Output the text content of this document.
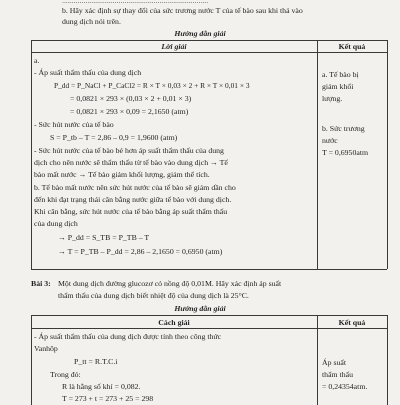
...........................................................................
b. Hãy xác định sự thay đổi của sức trương nước T của tế bào sau khi thả vào
dung dịch nói trên.
Hướng dẫn giải
Lời giải	Kết quả
a.
- Áp suất thẩm thấu của dung dịch
P_dd = P_NaCl + P_CaCl2 = R × T × 0,03 × 2 + R × T × 0,01 × 3
= 0,0821 × 293 × (0,03 × 2 + 0,01 × 3)
= 0,0821 × 293 × 0,09 = 2,1650 (atm)
- Sức hút nước của tế bào
S = P_tb – T = 2,86 – 0,9 = 1,9600 (atm)
- Sức hút nước của tế bào bé hơn áp suất thẩm thấu của dung
dịch cho nên nước sẽ thẩm thấu từ tế bào vào dung dịch → Tế
bào mất nước → Tế bào giảm khối lượng, giảm thể tích.
b. Tế bào mất nước nên sức hút nước của tế bào sẽ giảm dần cho
đến khi đạt trạng thái cân bằng nước giữa tế bào với dung dịch.
Khi cân bằng, sức hút nước của tế bào bằng áp suất thẩm thấu
của dung dịch
→ P_dd = S_TB = P_TB – T
→ T = P_TB – P_dd = 2,86 – 2,1650 = 0,6950 (atm)
a. Tế bào bị
giảm khối
lượng.
b. Sức trương
nước
T = 0,6950atm
Bài 3: Một dung dịch đường glucozơ có nồng độ 0,01M. Hãy xác định áp suất
thẩm thấu của dung dịch biết nhiệt độ của dung dịch là 25°C.
Hướng dẫn giải
Cách giải	Kết quả
- Áp suất thẩm thấu của dung dịch được tính theo công thức
Vanhôp
P_tt = R.T.C.i
Trong đó:
R là hằng số khí = 0,082.
T = 273 + t = 273 + 25 = 298
Áp suất
thẩm thấu
= 0,24354atm.
